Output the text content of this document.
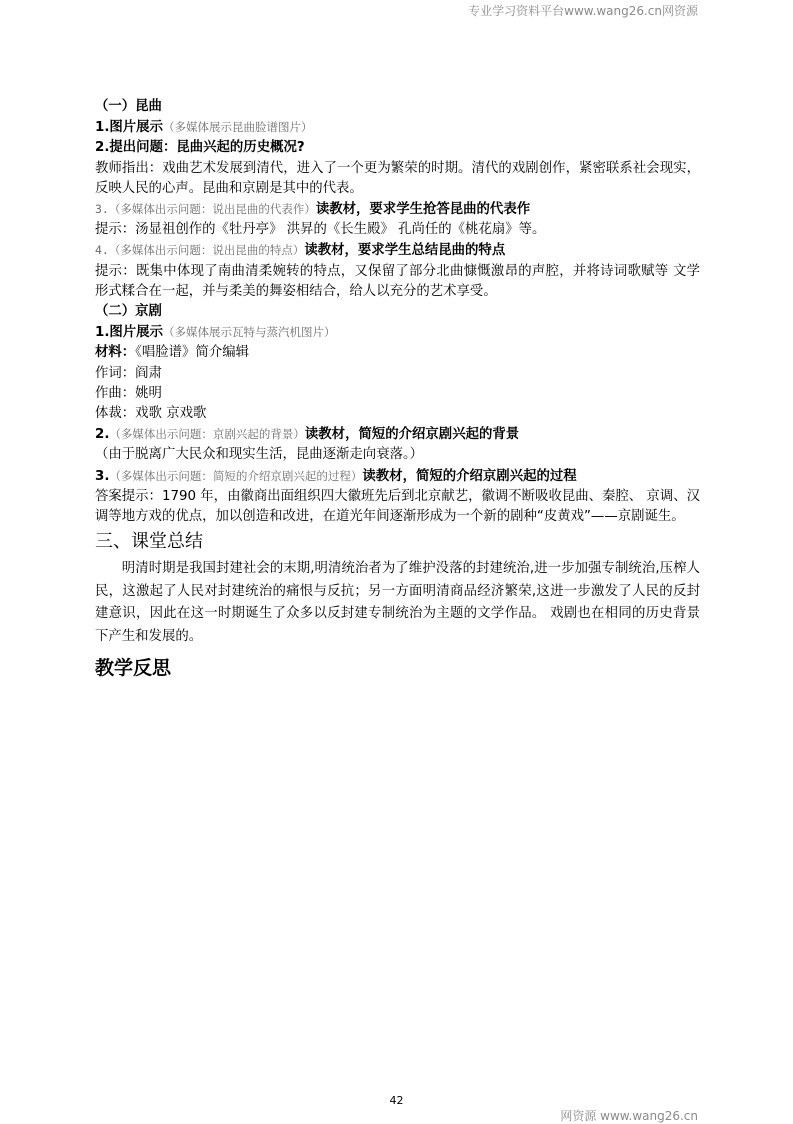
专业学习资料平台www.wang26.cn网资源
（一）昆曲
1.图片展示（多媒体展示昆曲脸谱图片）
2.提出问题：昆曲兴起的历史概况?
教师指出：戏曲艺术发展到清代，进入了一个更为繁荣的时期。清代的戏剧创作，紧密联系社会现实，反映人民的心声。昆曲和京剧是其中的代表。
3.（多媒体出示问题：说出昆曲的代表作）读教材，要求学生抢答昆曲的代表作
提示：汤显祖创作的《牡丹亭》 洪昇的《长生殿》 孔尚任的《桃花扇》等。
4.（多媒体出示问题：说出昆曲的特点）读教材，要求学生总结昆曲的特点
提示：既集中体现了南曲清柔婉转的特点，又保留了部分北曲慷慨激昂的声腔，并将诗词歌赋等 文学形式糅合在一起，并与柔美的舞姿相结合，给人以充分的艺术享受。
（二）京剧
1.图片展示（多媒体展示瓦特与蒸汽机图片）
材料：《唱脸谱》简介编辑
作词：阎肃
作曲：姚明
体裁：戏歌 京戏歌
2.（多媒体出示问题：京剧兴起的背景）读教材，简短的介绍京剧兴起的背景
（由于脱离广大民众和现实生活，昆曲逐渐走向衰落。）
3.（多媒体出示问题：简短的介绍京剧兴起的过程）读教材，简短的介绍京剧兴起的过程
答案提示：1790 年，由徽商出面组织四大徽班先后到北京献艺，徽调不断吸收昆曲、秦腔、 京调、汉调等地方戏的优点，加以创造和改进，在道光年间逐渐形成为一个新的剧种“皮黄戏”——京剧诞生。
三、课堂总结
明清时期是我国封建社会的末期,明清统治者为了维护没落的封建统治,进一步加强专制统治,压榨人民，这激起了人民对封建统治的痛恨与反抗；另一方面明清商品经济繁荣,这进一步激发了人民的反封建意识，因此在这一时期诞生了众多以反封建专制统治为主题的文学作品。 戏剧也在相同的历史背景下产生和发展的。
教学反思
42
网资源 www.wang26.cn
